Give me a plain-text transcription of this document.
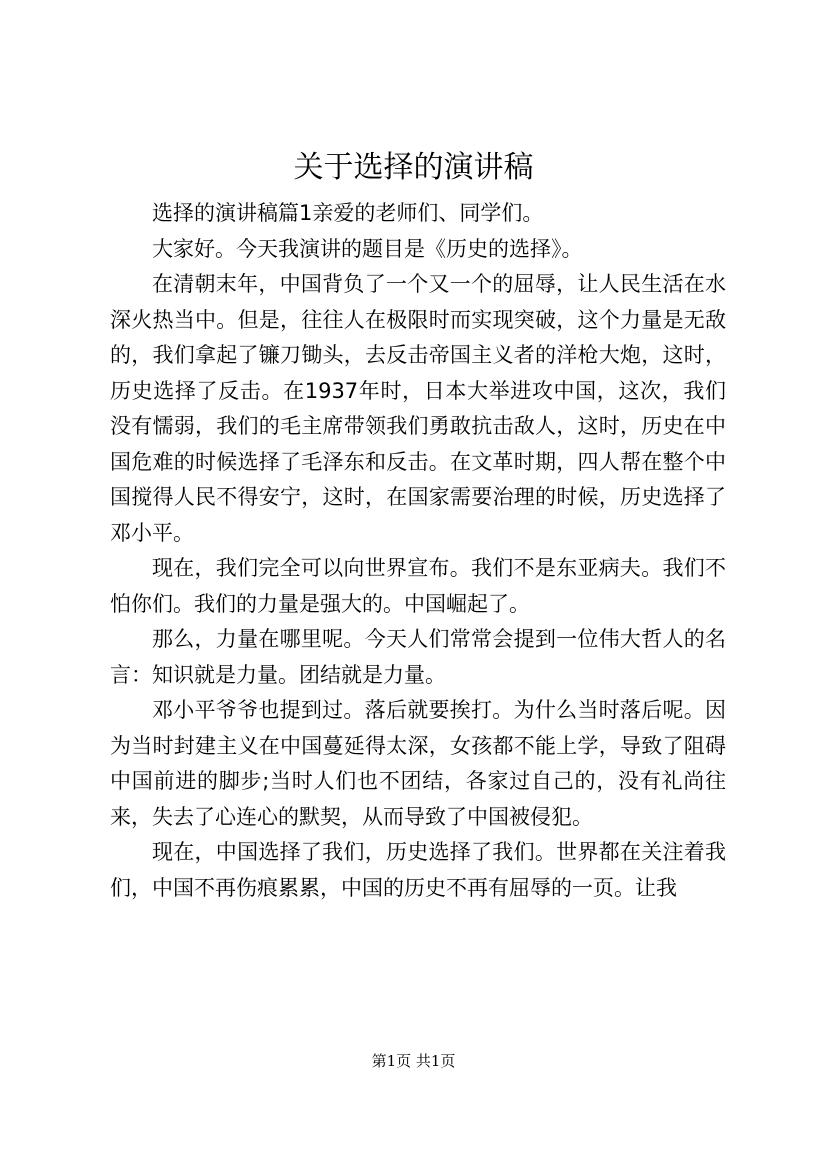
关于选择的演讲稿

选择的演讲稿篇1亲爱的老师们、同学们。

大家好。今天我演讲的题目是《历史的选择》。

在清朝末年，中国背负了一个又一个的屈辱，让人民生活在水深火热当中。但是，往往人在极限时而实现突破，这个力量是无敌的，我们拿起了镰刀锄头，去反击帝国主义者的洋枪大炮，这时，历史选择了反击。在1937年时，日本大举进攻中国，这次，我们没有懦弱，我们的毛主席带领我们勇敢抗击敌人，这时，历史在中国危难的时候选择了毛泽东和反击。在文革时期，四人帮在整个中国搅得人民不得安宁，这时，在国家需要治理的时候，历史选择了邓小平。

现在，我们完全可以向世界宣布。我们不是东亚病夫。我们不怕你们。我们的力量是强大的。中国崛起了。

那么，力量在哪里呢。今天人们常常会提到一位伟大哲人的名言：知识就是力量。团结就是力量。

邓小平爷爷也提到过。落后就要挨打。为什么当时落后呢。因为当时封建主义在中国蔓延得太深，女孩都不能上学，导致了阻碍中国前进的脚步;当时人们也不团结，各家过自己的，没有礼尚往来，失去了心连心的默契，从而导致了中国被侵犯。

现在，中国选择了我们，历史选择了我们。世界都在关注着我们，中国不再伤痕累累，中国的历史不再有屈辱的一页。让我

第1页 共1页
